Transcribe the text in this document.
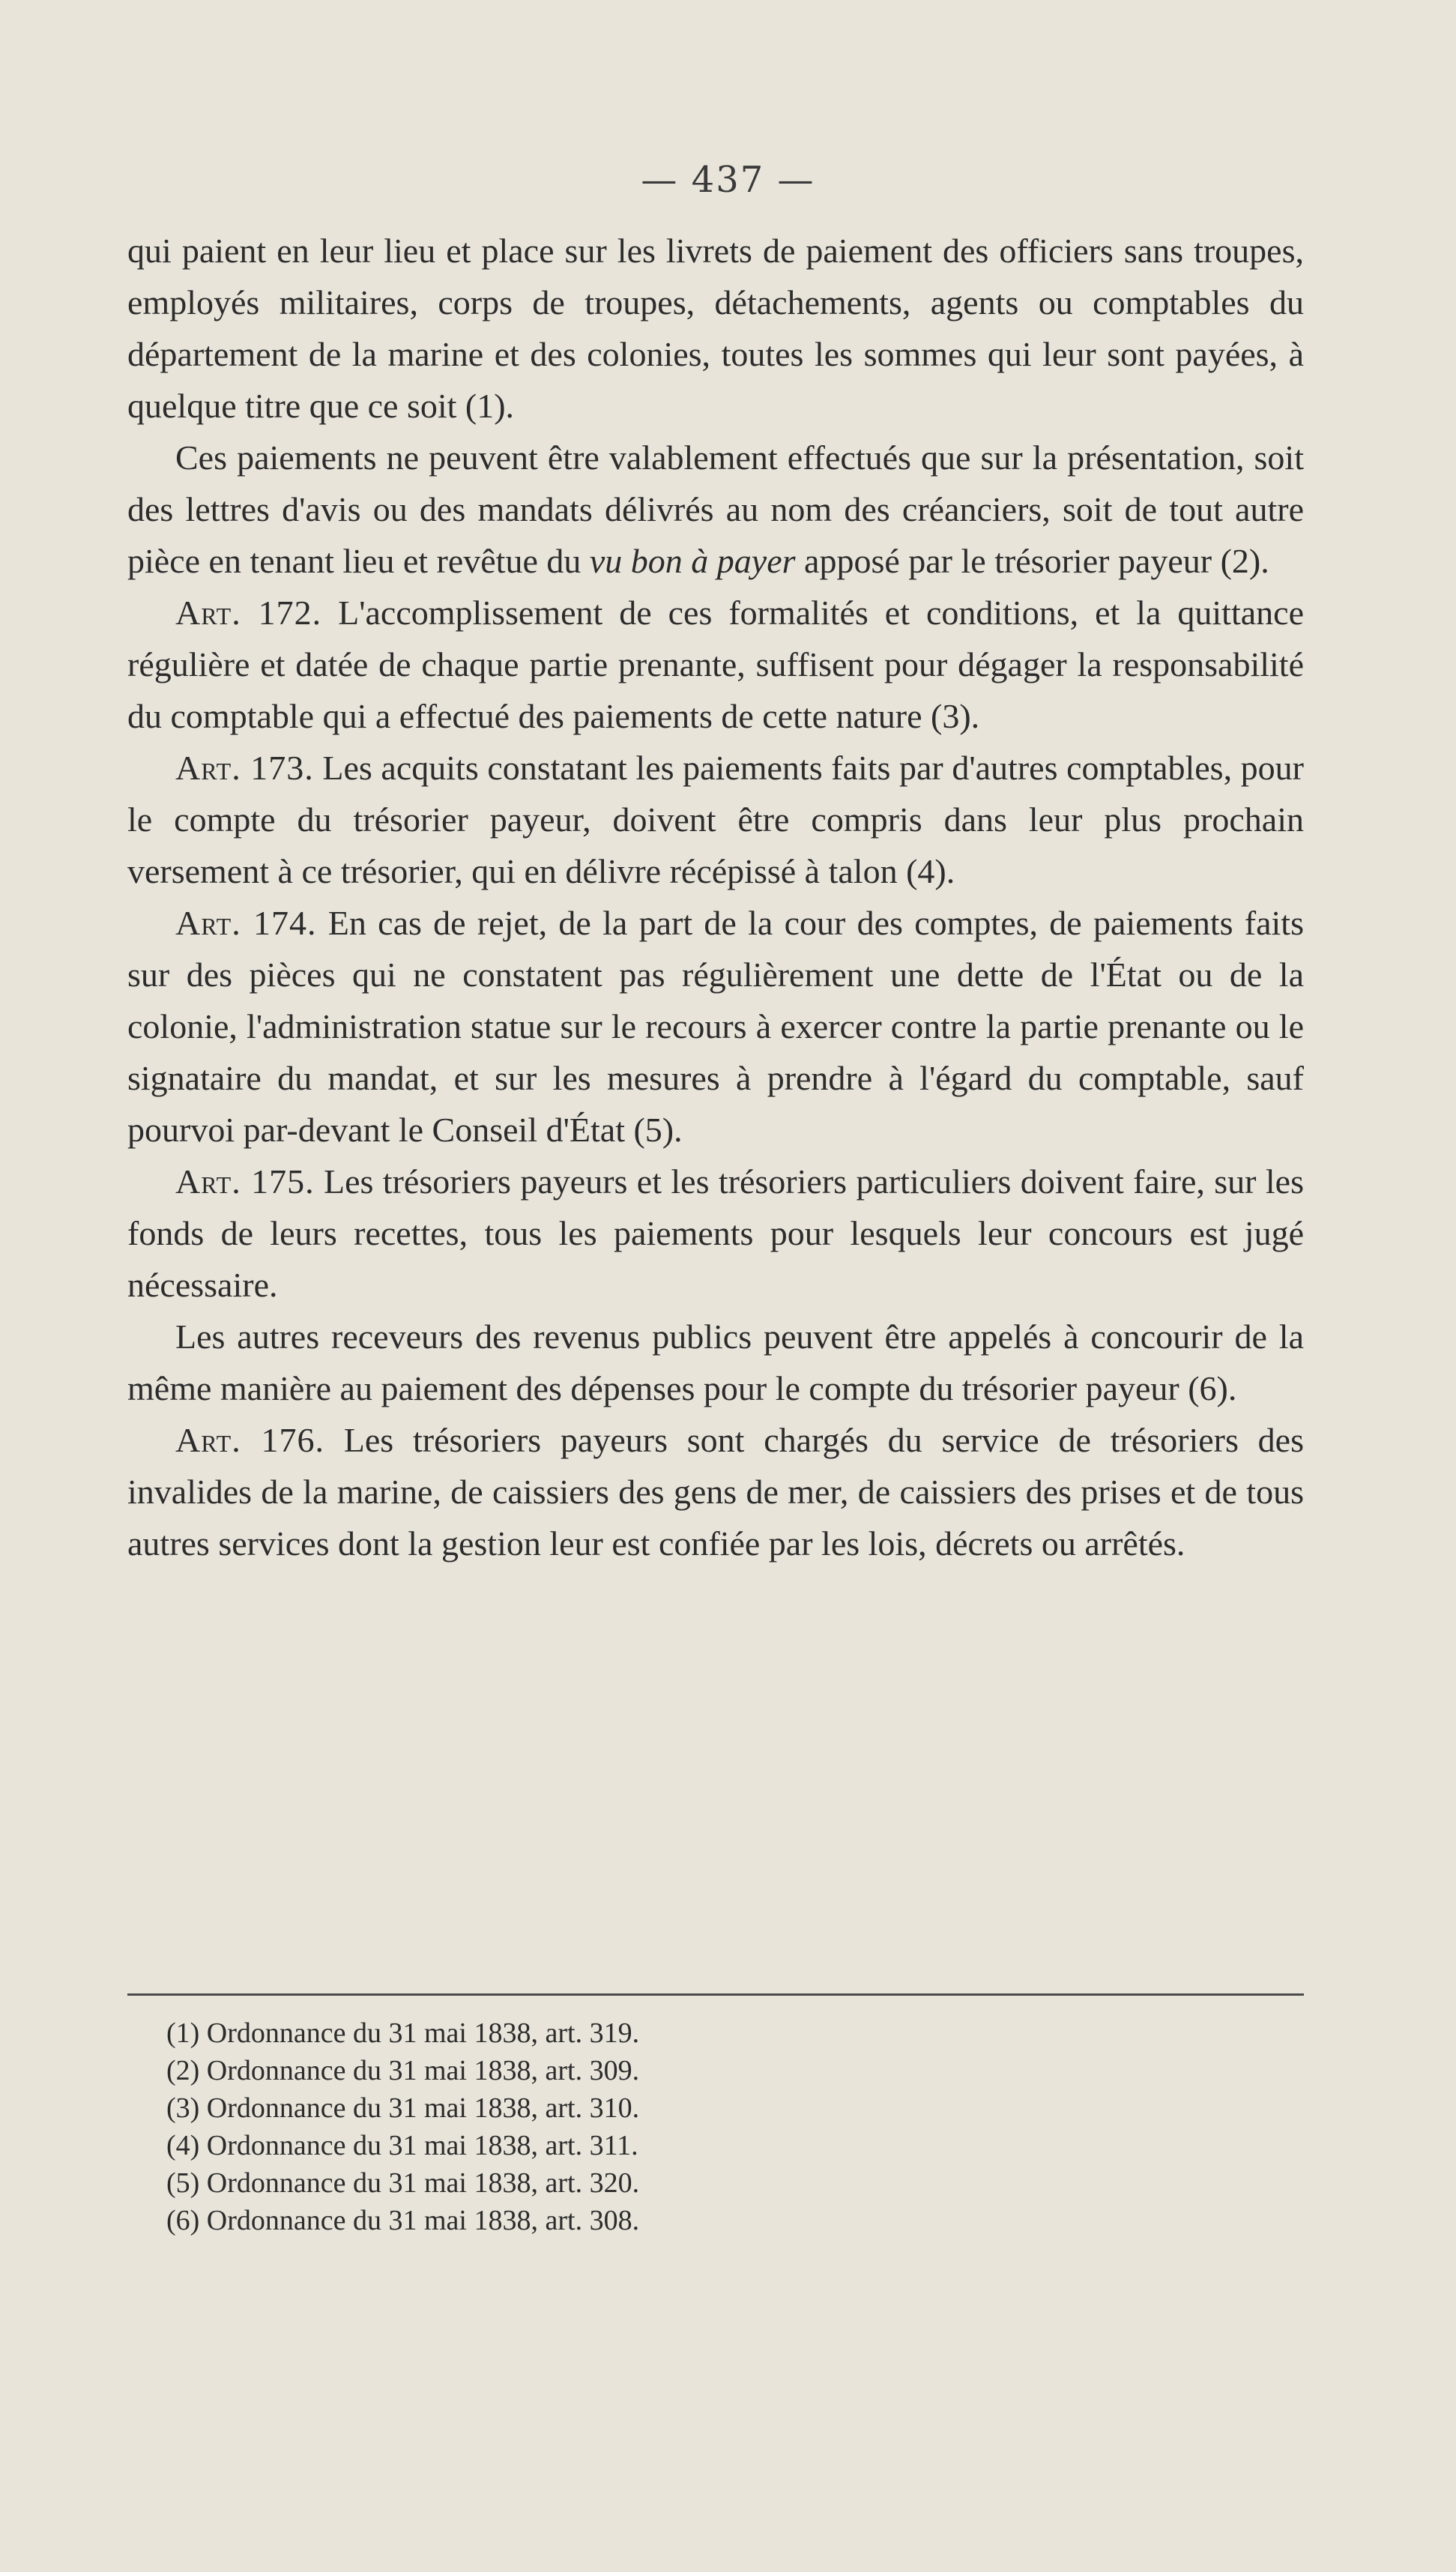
— 437 —

qui paient en leur lieu et place sur les livrets de paiement des officiers sans troupes, employés militaires, corps de troupes, détachements, agents ou comptables du département de la marine et des colonies, toutes les sommes qui leur sont payées, à quelque titre que ce soit (1).

Ces paiements ne peuvent être valablement effectués que sur la présentation, soit des lettres d'avis ou des mandats délivrés au nom des créanciers, soit de tout autre pièce en tenant lieu et revêtue du vu bon à payer apposé par le trésorier payeur (2).

Art. 172. L'accomplissement de ces formalités et conditions, et la quittance régulière et datée de chaque partie prenante, suffisent pour dégager la responsabilité du comptable qui a effectué des paiements de cette nature (3).

Art. 173. Les acquits constatant les paiements faits par d'autres comptables, pour le compte du trésorier payeur, doivent être compris dans leur plus prochain versement à ce trésorier, qui en délivre récépissé à talon (4).

Art. 174. En cas de rejet, de la part de la cour des comptes, de paiements faits sur des pièces qui ne constatent pas régulièrement une dette de l'État ou de la colonie, l'administration statue sur le recours à exercer contre la partie prenante ou le signataire du mandat, et sur les mesures à prendre à l'égard du comptable, sauf pourvoi par-devant le Conseil d'État (5).

Art. 175. Les trésoriers payeurs et les trésoriers particuliers doivent faire, sur les fonds de leurs recettes, tous les paiements pour lesquels leur concours est jugé nécessaire.

Les autres receveurs des revenus publics peuvent être appelés à concourir de la même manière au paiement des dépenses pour le compte du trésorier payeur (6).

Art. 176. Les trésoriers payeurs sont chargés du service de trésoriers des invalides de la marine, de caissiers des gens de mer, de caissiers des prises et de tous autres services dont la gestion leur est confiée par les lois, décrets ou arrêtés.

(1) Ordonnance du 31 mai 1838, art. 319.
(2) Ordonnance du 31 mai 1838, art. 309.
(3) Ordonnance du 31 mai 1838, art. 310.
(4) Ordonnance du 31 mai 1838, art. 311.
(5) Ordonnance du 31 mai 1838, art. 320.
(6) Ordonnance du 31 mai 1838, art. 308.
